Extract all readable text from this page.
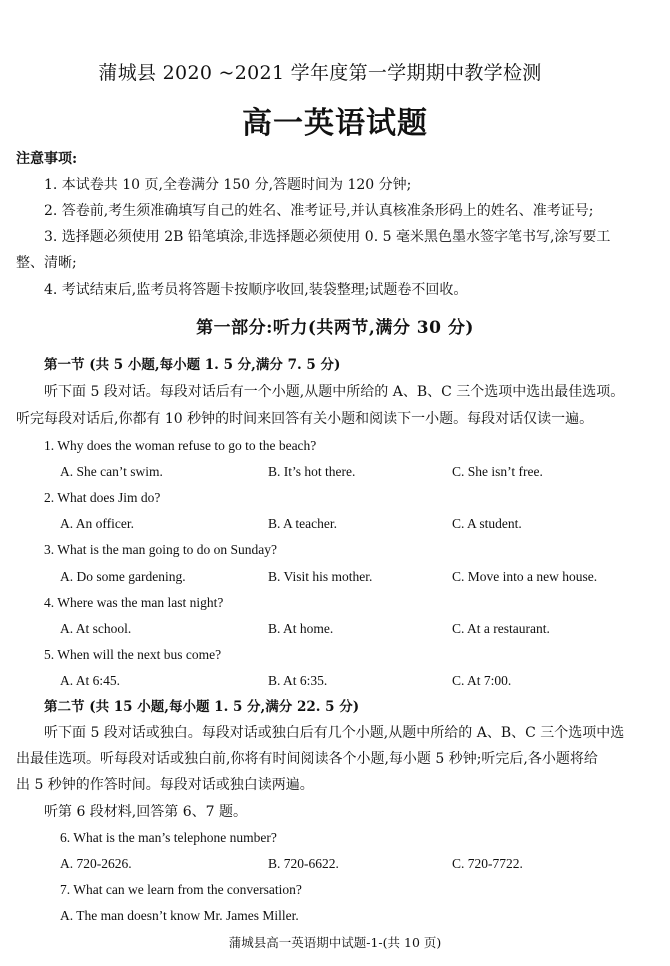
蒲城县 2020 ~2021 学年度第一学期期中教学检测
高一英语试题
注意事项:
1. 本试卷共 10 页,全卷满分 150 分,答题时间为 120 分钟;
2. 答卷前,考生须准确填写自己的姓名、准考证号,并认真核准条形码上的姓名、准考证号;
3. 选择题必须使用 2B 铅笔填涂,非选择题必须使用 0. 5 毫米黑色墨水签字笔书写,涂写要工
整、清晰;
4. 考试结束后,监考员将答题卡按顺序收回,装袋整理;试题卷不回收。
第一部分:听力(共两节,满分 30 分)
第一节 (共 5 小题,每小题 1. 5 分,满分 7. 5 分)
听下面 5 段对话。每段对话后有一个小题,从题中所给的 A、B、C 三个选项中选出最佳选项。
听完每段对话后,你都有 10 秒钟的时间来回答有关小题和阅读下一小题。每段对话仅读一遍。
1. Why does the woman refuse to go to the beach?
A. She can’t swim.	B. It’s hot there.	C. She isn’t free.
2. What does Jim do?
A. An officer.	B. A teacher.	C. A student.
3. What is the man going to do on Sunday?
A. Do some gardening.	B. Visit his mother.	C. Move into a new house.
4. Where was the man last night?
A. At school.	B. At home.	C. At a restaurant.
5. When will the next bus come?
A. At 6:45.	B. At 6:35.	C. At 7:00.
第二节 (共 15 小题,每小题 1. 5 分,满分 22. 5 分)
听下面 5 段对话或独白。每段对话或独白后有几个小题,从题中所给的 A、B、C 三个选项中选
出最佳选项。听每段对话或独白前,你将有时间阅读各个小题,每小题 5 秒钟;听完后,各小题将给
出 5 秒钟的作答时间。每段对话或独白读两遍。
听第 6 段材料,回答第 6、7 题。
6. What is the man’s telephone number?
A. 720-2626.	B. 720-6622.	C. 720-7722.
7. What can we learn from the conversation?
A. The man doesn’t know Mr. James Miller.
蒲城县高一英语期中试题-1-(共 10 页)
